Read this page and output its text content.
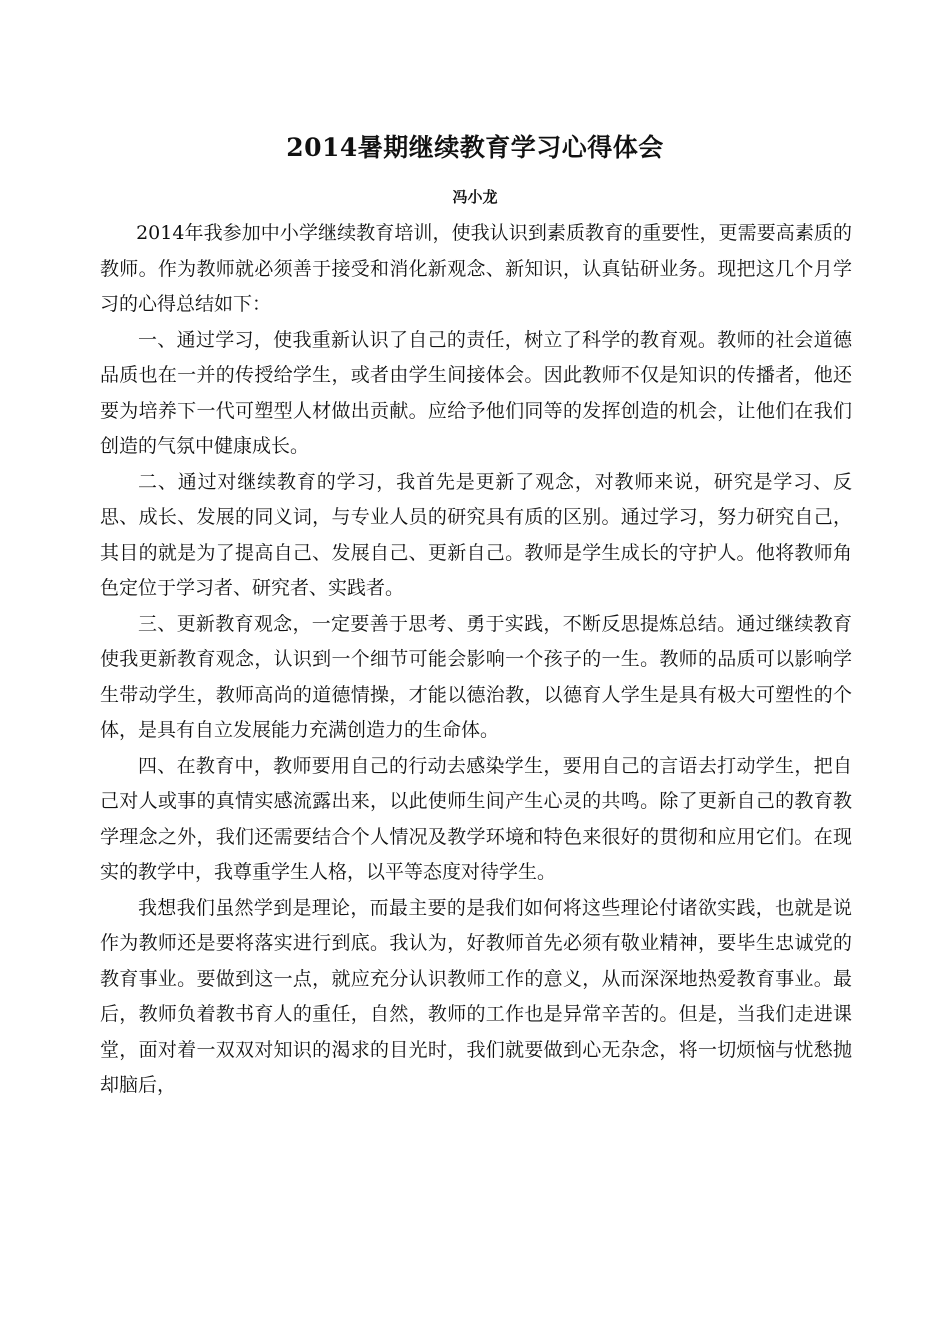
2014暑期继续教育学习心得体会
冯小龙

2014年我参加中小学继续教育培训，使我认识到素质教育的重要性，更需要高素质的教师。作为教师就必须善于接受和消化新观念、新知识，认真钻研业务。现把这几个月学习的心得总结如下：

一、通过学习，使我重新认识了自己的责任，树立了科学的教育观。教师的社会道德品质也在一并的传授给学生，或者由学生间接体会。因此教师不仅是知识的传播者，他还要为培养下一代可塑型人材做出贡献。应给予他们同等的发挥创造的机会，让他们在我们创造的气氛中健康成长。

二、通过对继续教育的学习，我首先是更新了观念，对教师来说，研究是学习、反思、成长、发展的同义词，与专业人员的研究具有质的区别。通过学习，努力研究自己，其目的就是为了提高自己、发展自己、更新自己。教师是学生成长的守护人。他将教师角色定位于学习者、研究者、实践者。

三、更新教育观念，一定要善于思考、勇于实践，不断反思提炼总结。通过继续教育使我更新教育观念，认识到一个细节可能会影响一个孩子的一生。教师的品质可以影响学生带动学生，教师高尚的道德情操，才能以德治教，以德育人学生是具有极大可塑性的个体，是具有自立发展能力充满创造力的生命体。

四、在教育中，教师要用自己的行动去感染学生，要用自己的言语去打动学生，把自己对人或事的真情实感流露出来，以此使师生间产生心灵的共鸣。除了更新自己的教育教学理念之外，我们还需要结合个人情况及教学环境和特色来很好的贯彻和应用它们。在现实的教学中，我尊重学生人格，以平等态度对待学生。

我想我们虽然学到是理论，而最主要的是我们如何将这些理论付诸欲实践，也就是说作为教师还是要将落实进行到底。我认为，好教师首先必须有敬业精神，要毕生忠诚党的教育事业。要做到这一点，就应充分认识教师工作的意义，从而深深地热爱教育事业。最后，教师负着教书育人的重任，自然，教师的工作也是异常辛苦的。但是，当我们走进课堂，面对着一双双对知识的渴求的目光时，我们就要做到心无杂念，将一切烦恼与忧愁抛却脑后，
